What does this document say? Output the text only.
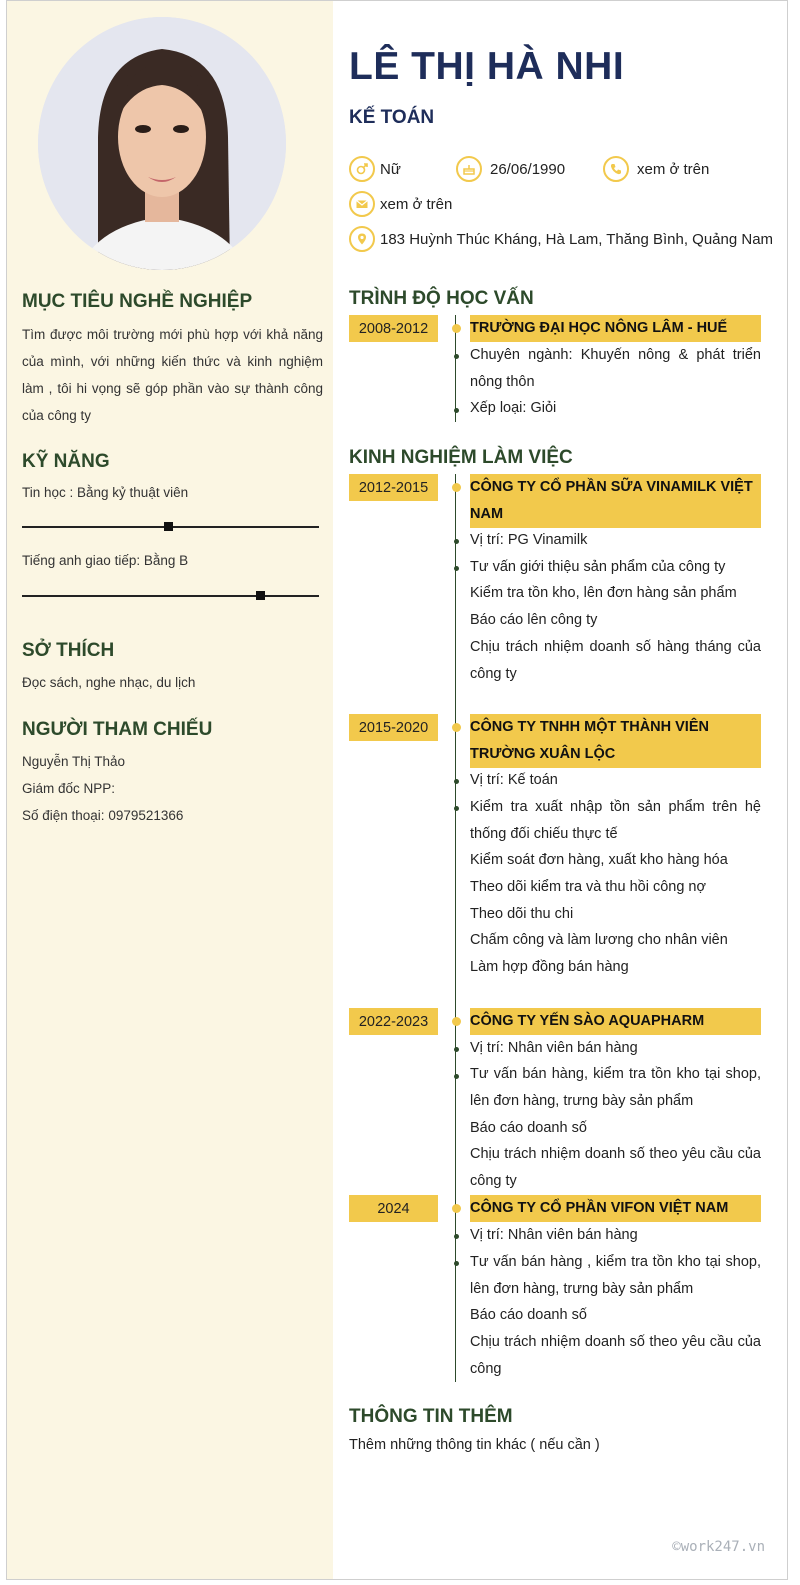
MỤC TIÊU NGHỀ NGHIỆP
Tìm được môi trường mới phù hợp với khả năng của mình, với những kiến thức và kinh nghiệm làm , tôi hi vọng sẽ góp phần vào sự thành công của công ty
KỸ NĂNG
Tin học : Bằng kỷ thuật viên
Tiếng anh giao tiếp: Bằng B
SỞ THÍCH
Đọc sách, nghe nhạc, du lịch
NGƯỜI THAM CHIẾU
Nguyễn Thị Thảo
Giám đốc NPP:
Số điện thoại: 0979521366
LÊ THỊ HÀ NHI
KẾ TOÁN
Nữ	26/06/1990	xem ở trên
xem ở trên
183 Huỳnh Thúc Kháng, Hà Lam, Thăng Bình, Quảng Nam
TRÌNH ĐỘ HỌC VẤN
2008-2012	TRƯỜNG ĐẠI HỌC NÔNG LÂM - HUẾ
Chuyên ngành: Khuyến nông & phát triển nông thôn
Xếp loại: Giỏi
KINH NGHIỆM LÀM VIỆC
2012-2015	CÔNG TY CỔ PHẦN SỮA VINAMILK VIỆT NAM
Vị trí: PG Vinamilk
Tư vấn giới thiệu sản phẩm của công ty
Kiểm tra tồn kho, lên đơn hàng sản phẩm
Báo cáo lên công ty
Chịu trách nhiệm doanh số hàng tháng của công ty
2015-2020	CÔNG TY TNHH MỘT THÀNH VIÊN TRƯỜNG XUÂN LỘC
Vị trí: Kế toán
Kiểm tra xuất nhập tồn sản phẩm trên hệ thống đối chiếu thực tế
Kiểm soát đơn hàng, xuất kho hàng hóa
Theo dõi kiểm tra và thu hồi công nợ
Theo dõi thu chi
Chấm công và làm lương cho nhân viên
Làm hợp đồng bán hàng
2022-2023	CÔNG TY YẾN SÀO AQUAPHARM
Vị trí: Nhân viên bán hàng
Tư vấn bán hàng, kiểm tra tồn kho tại shop, lên đơn hàng, trưng bày sản phẩm
Báo cáo doanh số
Chịu trách nhiệm doanh số theo yêu cầu của công ty
2024	CÔNG TY CỔ PHẦN VIFON VIỆT NAM
Vị trí: Nhân viên bán hàng
Tư vấn bán hàng , kiểm tra tồn kho tại shop, lên đơn hàng, trưng bày sản phẩm
Báo cáo doanh số
Chịu trách nhiệm doanh số theo yêu cầu của công
THÔNG TIN THÊM
Thêm những thông tin khác ( nếu cần )
©work247.vn
